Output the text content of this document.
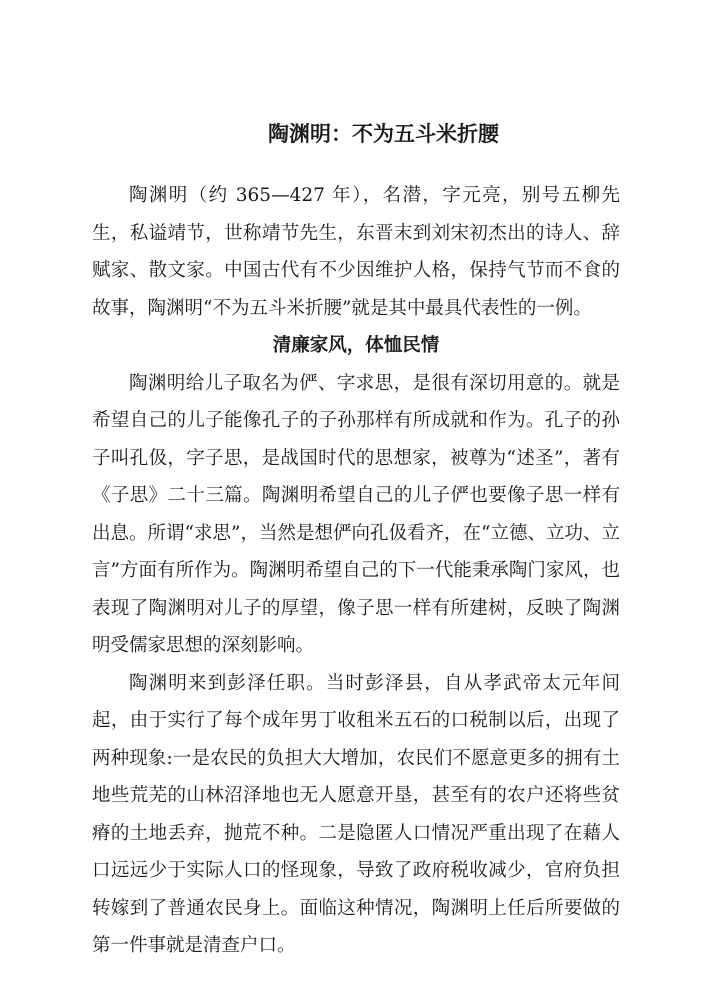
陶渊明：不为五斗米折腰

陶渊明（约 365—427 年），名潜，字元亮，别号五柳先生，私谥靖节，世称靖节先生，东晋末到刘宋初杰出的诗人、辞赋家、散文家。中国古代有不少因维护人格，保持气节而不食的故事，陶渊明“不为五斗米折腰”就是其中最具代表性的一例。

清廉家风，体恤民情

陶渊明给儿子取名为俨、字求思，是很有深切用意的。就是希望自己的儿子能像孔子的子孙那样有所成就和作为。孔子的孙子叫孔伋，字子思，是战国时代的思想家，被尊为“述圣”，著有《子思》二十三篇。陶渊明希望自己的儿子俨也要像子思一样有出息。所谓“求思”，当然是想俨向孔伋看齐，在“立德、立功、立言”方面有所作为。陶渊明希望自己的下一代能秉承陶门家风，也表现了陶渊明对儿子的厚望，像子思一样有所建树，反映了陶渊明受儒家思想的深刻影响。

陶渊明来到彭泽任职。当时彭泽县，自从孝武帝太元年间起，由于实行了每个成年男丁收租米五石的口税制以后，出现了两种现象:一是农民的负担大大增加，农民们不愿意更多的拥有土地些荒芜的山林沼泽地也无人愿意开垦，甚至有的农户还将些贫瘠的土地丢弃，抛荒不种。二是隐匿人口情况严重出现了在藉人口远远少于实际人口的怪现象，导致了政府税收减少，官府负担转嫁到了普通农民身上。面临这种情况，陶渊明上任后所要做的第一件事就是清查户口。
